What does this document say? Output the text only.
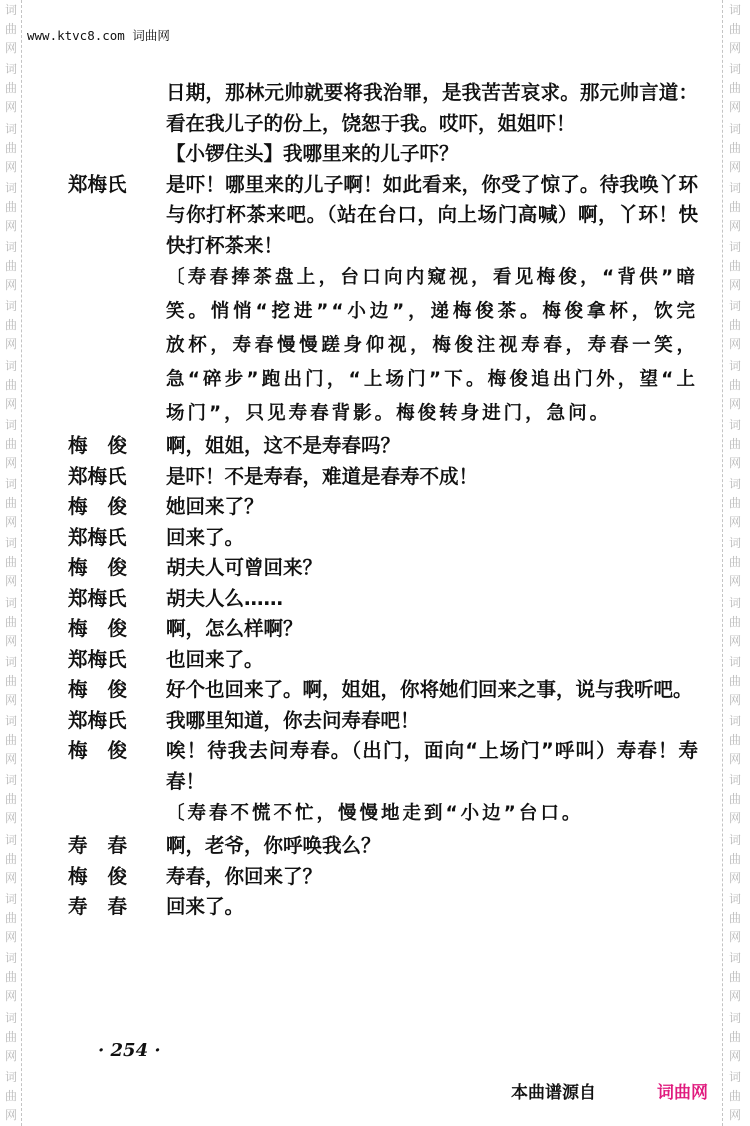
词
曲
网
词
曲
网
词
曲
网
词
曲
网
词
曲
网
词
曲
网
词
曲
网
词
曲
网
词
曲
网
词
曲
网
词
曲
网
词
曲
网
词
曲
网
词
曲
网
词
曲
网
词
曲
网
词
曲
网
词
曲
网
词
曲
网
词
曲
网
词
曲
网
词
曲
网
词
曲
网
词
曲
网
词
曲
网
词
曲
网
词
曲
网
词
曲
网
词
曲
网
词
曲
网
词
曲
网
词
曲
网
词
曲
网
词
曲
网
词
曲
网
词
曲
网
词
曲
网
词
曲
网
www.ktvc8.com 词曲网
日期，那林元帅就要将我治罪，是我苦苦哀求。那元帅言道：看在我儿子的份上，饶恕于我。哎吓，姐姐吓！
【小锣住头】我哪里来的儿子吓？
郑梅氏	是吓！哪里来的儿子啊！如此看来，你受了惊了。待我唤丫环与你打杯茶来吧。（站在台口，向上场门高喊）啊，丫环！快快打杯茶来！
〔寿春捧茶盘上，台口向内窥视，看见梅俊，“背供”暗笑。悄悄“挖进”“小边”，递梅俊茶。梅俊拿杯，饮完放杯，寿春慢慢蹉身仰视，梅俊注视寿春，寿春一笑，急“碎步”跑出门，“上场门”下。梅俊追出门外，望“上场门”，只见寿春背影。梅俊转身进门，急问。
梅俊 啊，姐姐，这不是寿春吗？
郑梅氏	是吓！不是寿春，难道是春寿不成！
梅俊 她回来了？
郑梅氏	回来了。
梅俊 胡夫人可曾回来？
郑梅氏	胡夫人么……
梅俊 啊，怎么样啊？
郑梅氏	也回来了。
梅俊 好个也回来了。啊，姐姐，你将她们回来之事，说与我听吧。
郑梅氏	我哪里知道，你去问寿春吧！
梅俊 唉！待我去问寿春。（出门，面向“上场门”呼叫）寿春！寿春！
〔寿春不慌不忙，慢慢地走到“小边”台口。
寿春 啊，老爷，你呼唤我么？
梅俊 寿春，你回来了？
寿春 回来了。
· 254 ·
本曲谱源自	词曲网
